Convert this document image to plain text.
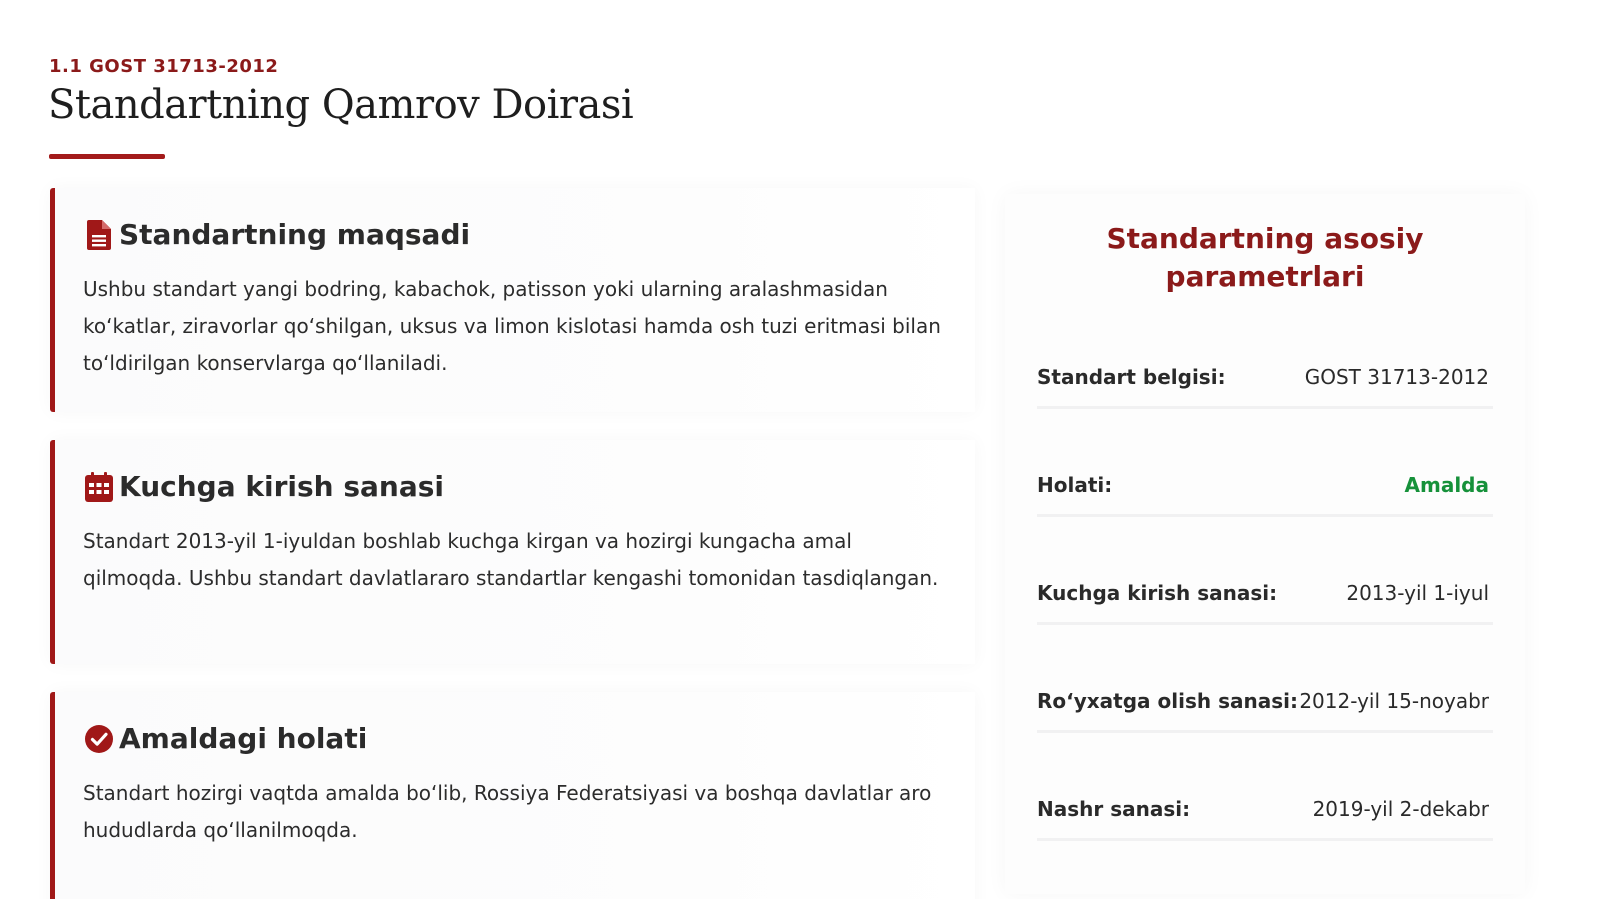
1.1 GOST 31713-2012
Standartning Qamrov Doirasi
Standartning maqsadi

Ushbu standart yangi bodring, kabachok, patisson yoki ularning aralashmasidan ko‘katlar, ziravorlar qo‘shilgan, uksus va limon kislotasi hamda osh tuzi eritmasi bilan to‘ldirilgan konservlarga qo‘llaniladi.

Kuchga kirish sanasi

Standart 2013-yil 1-iyuldan boshlab kuchga kirgan va hozirgi kungacha amal qilmoqda. Ushbu standart davlatlararo standartlar kengashi tomonidan tasdiqlangan.

Amaldagi holati

Standart hozirgi vaqtda amalda bo‘lib, Rossiya Federatsiyasi va boshqa davlatlar aro hududlarda qo‘llanilmoqda.

Standartning asosiy parametrlari
Standart belgisi:	GOST 31713-2012
Holati:	Amalda
Kuchga kirish sanasi:	2013-yil 1-iyul
Ro‘yxatga olish sanasi: 2012-yil 15-noyabr
Nashr sanasi:	2019-yil 2-dekabr
